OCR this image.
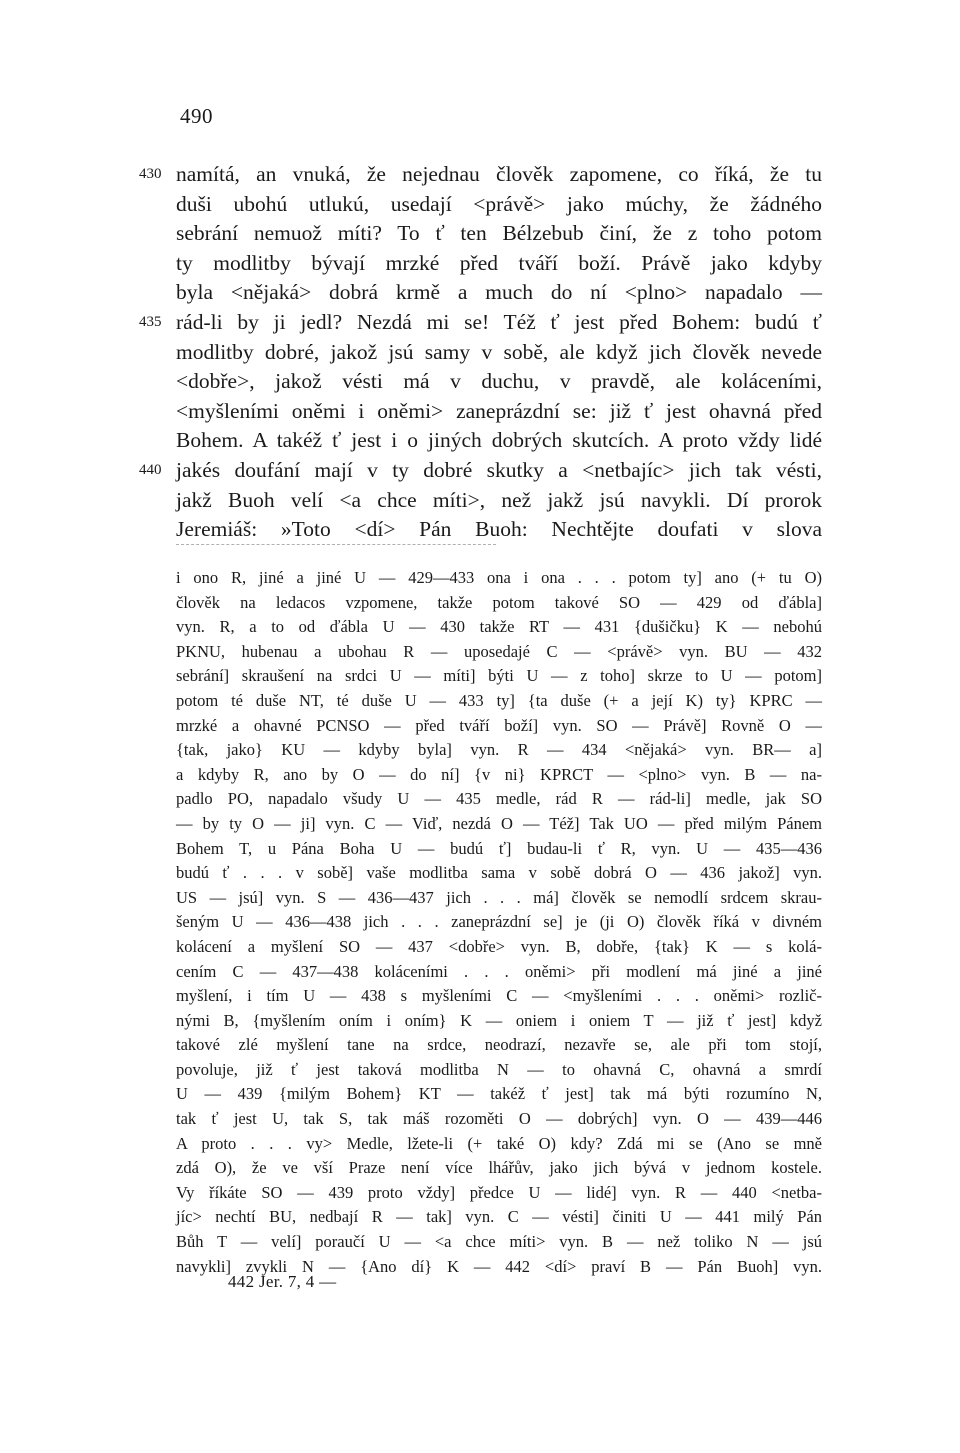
490
430 namítá, an vnuká, že nejednau člověk zapomene, co říká, že tu
duši ubohú utlukú, usedají <právě> jako múchy, že žádného
sebrání nemuož míti? To ť ten Bélzebub činí, že z toho potom
ty modlitby bývají mrzké před tváří boží. Právě jako kdyby
byla <nějaká> dobrá krmě a much do ní <plno> napadalo —
435 rád-li by ji jedl? Nezdá mi se! Též ť jest před Bohem: budú ť
modlitby dobré, jakož jsú samy v sobě, ale když jich člověk nevede
<dobře>, jakož vésti má v duchu, v pravdě, ale koláceními,
<myšleními oněmi i oněmi> zaneprázdní se: již ť jest ohavná před
Bohem. A takéž ť jest i o jiných dobrých skutcích. A proto vždy lidé
440 jakés doufání mají v ty dobré skutky a <netbajíc> jich tak vésti,
jakž Buoh velí <a chce míti>, než jakž jsú navykli. Dí prorok
Jeremiáš: »Toto <dí> Pán Buoh: Nechtějte doufati v slova
i ono R, jiné a jiné U — 429—433 ona i ona . . . potom ty] ano (+ tu O)
člověk na ledacos vzpomene, takže potom takové SO — 429 od ďábla]
vyn. R, a to od ďábla U — 430 takže RT — 431 {dušičku} K — nebohú
PKNU, hubenau a ubohau R — uposedajé C — <právě> vyn. BU — 432
sebrání] skraušení na srdci U — míti] býti U — z toho] skrze to U — potom]
potom té duše NT, té duše U — 433 ty] {ta duše (+ a její K) ty} KPRC —
mrzké a ohavné PCNSO — před tváří boží] vyn. SO — Právě] Rovně O —
{tak, jako} KU — kdyby byla] vyn. R — 434 <nějaká> vyn. BR— a]
a kdyby R, ano by O — do ní] {v ni} KPRCT — <plno> vyn. B — na-
padlo PO, napadalo všudy U — 435 medle, rád R — rád-li] medle, jak SO
— by ty O — ji] vyn. C — Viď, nezdá O — Též] Tak UO — před milým Pánem
Bohem T, u Pána Boha U — budú ť] budau-li ť R, vyn. U — 435—436
budú ť . . . v sobě] vaše modlitba sama v sobě dobrá O — 436 jakož] vyn.
US — jsú] vyn. S — 436—437 jich . . . má] člověk se nemodlí srdcem skrau-
šeným U — 436—438 jich . . . zaneprázdní se] je (ji O) člověk říká v divném
kolácení a myšlení SO — 437 <dobře> vyn. B, dobře, {tak} K — s kolá-
cením C — 437—438 koláceními . . . oněmi> při modlení má jiné a jiné
myšlení, i tím U — 438 s myšleními C — <myšleními . . . oněmi> rozlič-
nými B, {myšlením oním i oním} K — oniem i oniem T — již ť jest] když
takové zlé myšlení tane na srdce, neodrazí, nezavře se, ale při tom stojí,
povoluje, již ť jest taková modlitba N — to ohavná C, ohavná a smrdí
U — 439 {milým Bohem} KT — takéž ť jest] tak má býti rozumíno N,
tak ť jest U, tak S, tak máš rozoměti O — dobrých] vyn. O — 439—446
A proto . . . vy> Medle, lžete-li (+ také O) kdy? Zdá mi se (Ano se mně
zdá O), že ve vší Praze není více lhářův, jako jich bývá v jednom kostele.
Vy říkáte SO — 439 proto vždy] předce U — lidé] vyn. R — 440 <netba-
jíc> nechtí BU, nedbají R — tak] vyn. C — vésti] činiti U — 441 milý Pán
Bůh T — velí] poraučí U — <a chce míti> vyn. B — než toliko N — jsú
navykli] zvykli N — {Ano dí} K — 442 <dí> praví B — Pán Buoh] vyn.
442 Jer. 7, 4 —
